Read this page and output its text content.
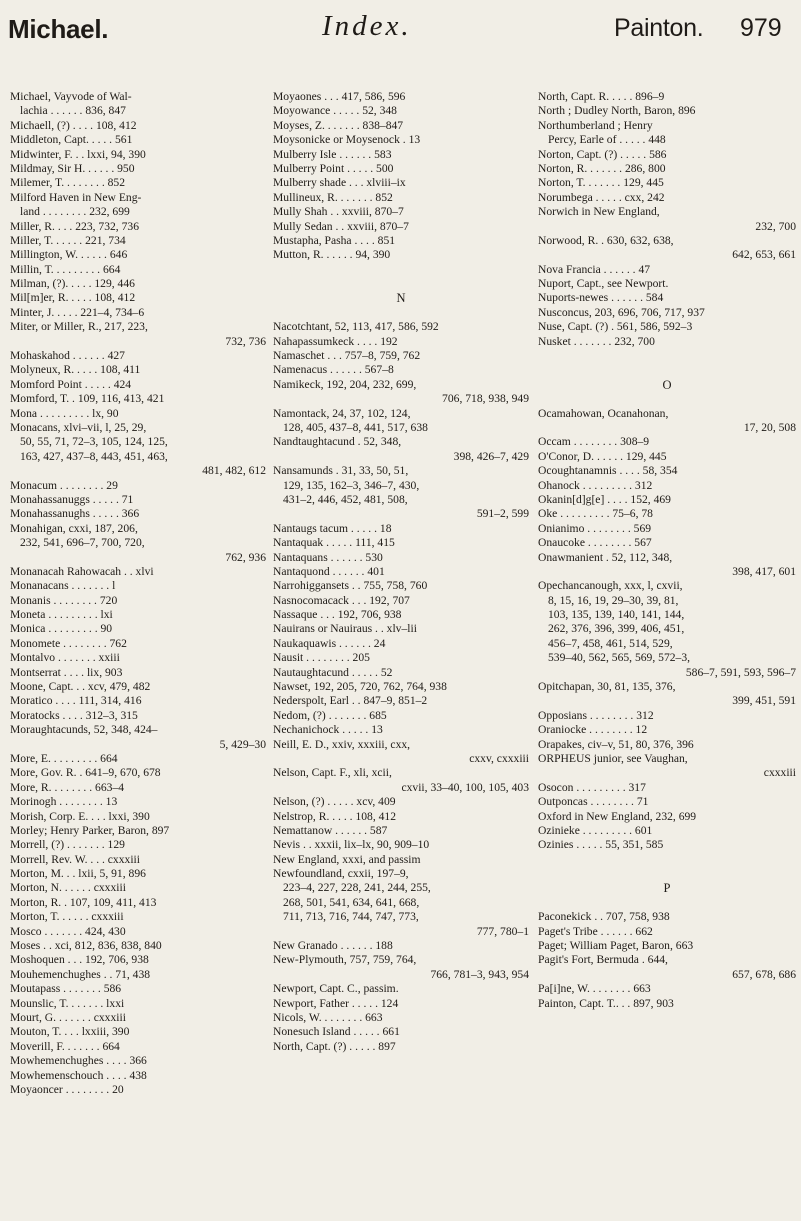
Michael.	Index.	Painton. 979
Michael, Vayvode of Wal-
lachia . . . . . . 836, 847
Michaell, (?) . . . . 108, 412
Middleton, Capt. . . . . 561
Midwinter, F. . . lxxi, 94, 390
Mildmay, Sir H. . . . . . 950
Milemer, T. . . . . . . . 852
Milford Haven in New Eng-
land . . . . . . . . 232, 699
Miller, R. . . . 223, 732, 736
Miller, T. . . . . . 221, 734
Millington, W. . . . . . 646
Millin, T. . . . . . . . . 664
Milman, (?). . . . . 129, 446
Mil[m]er, R. . . . . 108, 412
Minter, J. . . . . 221–4, 734–6
Miter, or Miller, R., 217, 223,
732, 736
Mohaskahod . . . . . . 427
Molyneux, R. . . . . 108, 411
Momford Point . . . . . 424
Momford, T. . 109, 116, 413, 421
Mona . . . . . . . . . lx, 90
Monacans, xlvi–vii, l, 25, 29,
50, 55, 71, 72–3, 105, 124, 125,
163, 427, 437–8, 443, 451, 463,
481, 482, 612
Monacum . . . . . . . . 29
Monahassanuggs . . . . . 71
Monahassanughs . . . . . 366
Monahigan, cxxi, 187, 206,
232, 541, 696–7, 700, 720,
762, 936
Monanacah Rahowacah . . xlvi
Monanacans . . . . . . . l
Monanis . . . . . . . . 720
Moneta . . . . . . . . . lxi
Monica . . . . . . . . . 90
Monomete . . . . . . . . 762
Montalvo . . . . . . . xxiii
Montserrat . . . . lix, 903
Moone, Capt. . . xcv, 479, 482
Moratico . . . . 111, 314, 416
Moratocks . . . . 312–3, 315
Moraughtacunds, 52, 348, 424–
5, 429–30
More, E. . . . . . . . . 664
More, Gov. R. . 641–9, 670, 678
More, R. . . . . . . . 663–4
Morinogh . . . . . . . . 13
Morish, Corp. E. . . . lxxi, 390
Morley; Henry Parker, Baron, 897
Morrell, (?) . . . . . . . 129
Morrell, Rev. W. . . . cxxxiii
Morton, M. . . lxii, 5, 91, 896
Morton, N. . . . . . cxxxiii
Morton, R. . 107, 109, 411, 413
Morton, T. . . . . . cxxxiii
Mosco . . . . . . . 424, 430
Moses . . xci, 812, 836, 838, 840
Moshoquen . . . 192, 706, 938
Mouhemenchughes . . 71, 438
Moutapass . . . . . . . 586
Mounslic, T. . . . . . . lxxi
Mourt, G. . . . . . . cxxxiii
Mouton, T. . . . lxxiii, 390
Moverill, F. . . . . . . 664
Mowhemenchughes . . . . 366
Mowhemenschouch . . . . 438
Moyaoncer . . . . . . . . 20
Moyaones . . . 417, 586, 596
Moyowance . . . . . 52, 348
Moyses, Z. . . . . . . 838–847
Moysonicke or Moysenock . 13
Mulberry Isle . . . . . . 583
Mulberry Point . . . . . 500
Mulberry shade . . . xlviii–ix
Mullineux, R. . . . . . . 852
Mully Shah . . xxviii, 870–7
Mully Sedan . . xxviii, 870–7
Mustapha, Pasha . . . . 851
Mutton, R. . . . . . 94, 390
N
Nacotchtant, 52, 113, 417, 586, 592
Nahapassumkeck . . . . 192
Namaschet . . . 757–8, 759, 762
Namenacus . . . . . . 567–8
Namikeck, 192, 204, 232, 699,
706, 718, 938, 949
Namontack, 24, 37, 102, 124,
128, 405, 437–8, 441, 517, 638
Nandtaughtacund . 52, 348,
398, 426–7, 429
Nansamunds . 31, 33, 50, 51,
129, 135, 162–3, 346–7, 430,
431–2, 446, 452, 481, 508,
591–2, 599
Nantaugs tacum . . . . . 18
Nantaquak . . . . . 111, 415
Nantaquans . . . . . . 530
Nantaquond . . . . . . 401
Narrohiggansets . . 755, 758, 760
Nasnocomacack . . . 192, 707
Nassaque . . . 192, 706, 938
Nauirans or Nauiraus . . xlv–lii
Naukaquawis . . . . . . 24
Nausit . . . . . . . . 205
Nautaughtacund . . . . . 52
Nawset, 192, 205, 720, 762, 764, 938
Nederspolt, Earl . . 847–9, 851–2
Nedom, (?) . . . . . . . 685
Nechanichock . . . . . 13
Neill, E. D., xxiv, xxxiii, cxx,
cxxv, cxxxiii
Nelson, Capt. F., xli, xcii,
cxvii, 33–40, 100, 105, 403
Nelson, (?) . . . . . xcv, 409
Nelstrop, R. . . . . 108, 412
Nemattanow . . . . . . 587
Nevis . . xxxii, lix–lx, 90, 909–10
New England, xxxi, and passim
Newfoundland, cxxii, 197–9,
223–4, 227, 228, 241, 244, 255,
268, 501, 541, 634, 641, 668,
711, 713, 716, 744, 747, 773,
777, 780–1
New Granado . . . . . . 188
New-Plymouth, 757, 759, 764,
766, 781–3, 943, 954
Newport, Capt. C., passim.
Newport, Father . . . . . 124
Nicols, W. . . . . . . . 663
Nonesuch Island . . . . . 661
North, Capt. (?) . . . . . 897
North, Capt. R. . . . . 896–9
North ; Dudley North, Baron, 896
Northumberland ; Henry
Percy, Earle of . . . . . 448
Norton, Capt. (?) . . . . . 586
Norton, R. . . . . . . 286, 800
Norton, T. . . . . . . 129, 445
Norumbega . . . . . cxx, 242
Norwich in New England,
232, 700
Norwood, R. . 630, 632, 638,
642, 653, 661
Nova Francia . . . . . . 47
Nuport, Capt., see Newport.
Nuports-newes . . . . . . 584
Nusconcus, 203, 696, 706, 717, 937
Nuse, Capt. (?) . 561, 586, 592–3
Nusket . . . . . . . 232, 700
O
Ocamahowan, Ocanahonan,
17, 20, 508
Occam . . . . . . . . 308–9
O'Conor, D. . . . . . 129, 445
Ocoughtanamnis . . . . 58, 354
Ohanock . . . . . . . . . 312
Okanin[d]g[e] . . . . 152, 469
Oke . . . . . . . . . 75–6, 78
Onianimo . . . . . . . . 569
Onaucoke . . . . . . . . 567
Onawmanient . 52, 112, 348,
398, 417, 601
Opechancanough, xxx, l, cxvii,
8, 15, 16, 19, 29–30, 39, 81,
103, 135, 139, 140, 141, 144,
262, 376, 396, 399, 406, 451,
456–7, 458, 461, 514, 529,
539–40, 562, 565, 569, 572–3,
586–7, 591, 593, 596–7
Opitchapan, 30, 81, 135, 376,
399, 451, 591
Opposians . . . . . . . . 312
Oraniocke . . . . . . . . 12
Orapakes, civ–v, 51, 80, 376, 396
ORPHEUS junior, see Vaughan,
cxxxiii
Osocon . . . . . . . . . 317
Outponcas . . . . . . . . 71
Oxford in New England, 232, 699
Ozinieke . . . . . . . . . 601
Ozinies . . . . . 55, 351, 585
P
Paconekick . . 707, 758, 938
Paget's Tribe . . . . . . 662
Paget; William Paget, Baron, 663
Pagit's Fort, Bermuda . 644,
657, 678, 686
Pa[i]ne, W. . . . . . . . 663
Painton, Capt. T.. . . 897, 903
